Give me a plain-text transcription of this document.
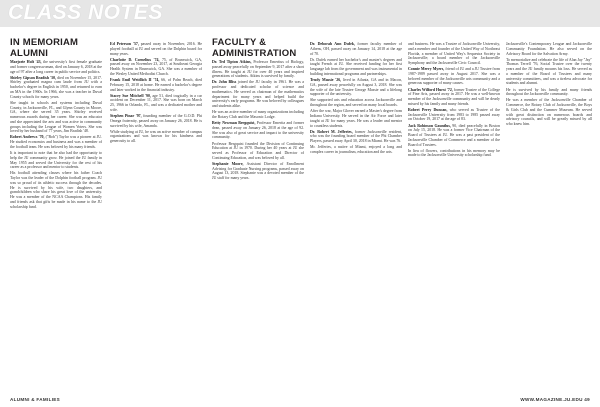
CLASS NOTES
IN MEMORIAM
ALUMNI
FACULTY &
ADMINISTRATION

Marjorie Holt '43, the university's first female graduate and former congresswoman, died on January 6, 2018 at the age of 97 after a long career in public service and politics.

Shirley Gipson Bradish '50, died on November 15, 2017. Shirley graduated magna cum laude from JU with a bachelor's degree in English in 1950, and returned to earn an MA in the 1960s. In 1966, she was a teacher in Duval County schools for many years.

She taught in schools and systems including Duval County, in Jacksonville, FL, and Glynn County in Moore, GA, where she served 35 years. Shirley received numerous awards during her career. She was an educator and she appreciated the arts and was active in community groups including the League of Women Voters. She was loved by her husband of 77 years, Jim Bradish '48.

Robert Andrews '70, ("Bob") Taylor was a pioneer at JU. He studied economics and business and was a member of the football team. He was beloved by his many friends.

It is important to note that he also had the opportunity to help the JU community grow. He joined the JU family in May 1955 and served the University for the rest of his career as a professor and mentor to students.

His football attending classes where his father Coach Taylor was the leader of the Dolphin football program. JU was so proud of its athletic success through the decades. He is survived by his wife, two daughters, and grandchildren who share his great love of the university. He was a member of the NCAA Champions. His family and friends ask that gifts be made in his name to the JU scholarship fund.

Ed Peterson '57, passed away in November, 2016. He played football at JU and served on the Dolphin board for many years.

Charlotte D. Cornelius '74, 75, of Brunswick, GA, passed away on November 23, 2017, at Southeast Georgia Health System in Brunswick, GA. She was a member of the Wesley United Methodist Church.

Frank Emil Weidlich II '74, 66, of Palm Beach, died February 15, 2018 at home. He earned a bachelor's degree and later worked in the financial industry.

Stacey Sue Mitchell '90, age 51, died tragically in a car accident on December 11, 2017. She was born on March 25, 1966 in Orlando, FL, and was a dedicated mother and wife.

Stephen Pinar '97, founding member of the G.O.D. Phi Omega fraternity, passed away on January 26, 2018. He is survived by his wife, Amanda.

While studying at JU, he was an active member of campus organizations and was known for his kindness and generosity to all.

Dr. Ted Tipton Atkins, Professor Emeritus of Biology, passed away peacefully on September 9, 2017 after a short illness. He taught at JU for over 40 years and inspired generations of students. Atkins is survived by family.

Dr. John Bliss joined the JU faculty in 1961. He was a professor and dedicated scholar of science and mathematics. He served as chairman of the mathematics department for many years and helped build the university's early programs. He was beloved by colleagues and students alike.

He was an active member of many organizations including the Rotary Club and the Masonic Lodge.

Betty Newman Bergquist, Professor Emerita and former dean, passed away on January 26, 2018 at the age of 92. She was also of great service and impact to the university community.

Professor Bergquist founded the Division of Continuing Education at JU in 1970. During her 40 years at JU she served as Professor of Education and Director of Continuing Education, and was beloved by all.

Stephanie Moore, Assistant Director of Enrollment Advising for Graduate Nursing programs, passed away on August 13, 2018. Stephanie was a devoted member of the JU staff for many years.

Dr. Deborah Ann Dufek, former faculty member of Athens, OH, passed away on January 14, 2018 at the age of 70.

Dr. Dufek earned her bachelor's and master's degrees and taught French at JU. She received funding for her first language lab from the government and was instrumental in building international programs and partnerships.

Trudy Massie '26, lived in Atlanta, GA and in Macon, GA, passed away peacefully on August 3, 2018. She was the wife of the late Trustee George Massie and a lifelong supporter of the university.

She supported arts and education across Jacksonville and throughout the region, and served on many local boards.

After the war, Major Glover earned a Master's degree from Indiana University. He served in the Air Force and later taught at JU for many years. He was a leader and mentor to countless students.

Dr. Robert M. Jefferies, former Jacksonville resident, who was the founding board member of the Phi Chamber Players, passed away April 30, 2018 in Miami. He was 76.

Mr. Jefferies, a native of Miami, enjoyed a long and complex career in journalism, education and the arts.

and business. He was a Trustee of Jacksonville University, and a member and founder of the United Way of Northeast Florida, a member of United Way's Sequestra Society in Jacksonville; a board member of the Jacksonville Symphony and the Jacksonville Civic Council.

Connie Merry Myers, friend of JU and a JU Trustee from 1987-1989 passed away in August 2017. She was a beloved member of the Jacksonville arts community and a generous supporter of many causes.

Charles Wilford Hurst '72, former Trustee of the College of Fine Arts, passed away in 2017. He was a well-known member of the Jacksonville community and will be dearly missed by his family and many friends.

Robert Perry Duncan, who served as Trustee of the Jacksonville University from 1983 to 1985 passed away on October 19, 2017 at the age of 83.

Jack Robinson Gauntlus, 90, died peacefully in Boston on July 15, 2018. He was a former Vice Chairman of the Board of Trustees at JU. He was a past president of the Jacksonville Chamber of Commerce and a member of the Board of Trustees.

In lieu of flowers, contributions in his memory may be made to the Jacksonville University scholarship fund.

Jacksonville's Contemporary League and Jacksonville Community Foundation. He also served on the Advisory Board for the Salvation Army.

To memorialize and celebrate the life of Alan Jay "Jay" Thomas Terrell '76, Social Trustee over the twenty years and the JU family mourns his loss. He served as a member of the Board of Trustees and many university committees, and was a tireless advocate for students and alumni.

He is survived by his family and many friends throughout the Jacksonville community.

He was a member of the Jacksonville Chamber of Commerce, the Rotary Club of Jacksonville, the Boys & Girls Club and the Cummer Museum. He served with great distinction on numerous boards and advisory councils, and will be greatly missed by all who knew him.

ALUMNI & FAMILIES	WWW.MAGAZINE.JU.EDU 49
